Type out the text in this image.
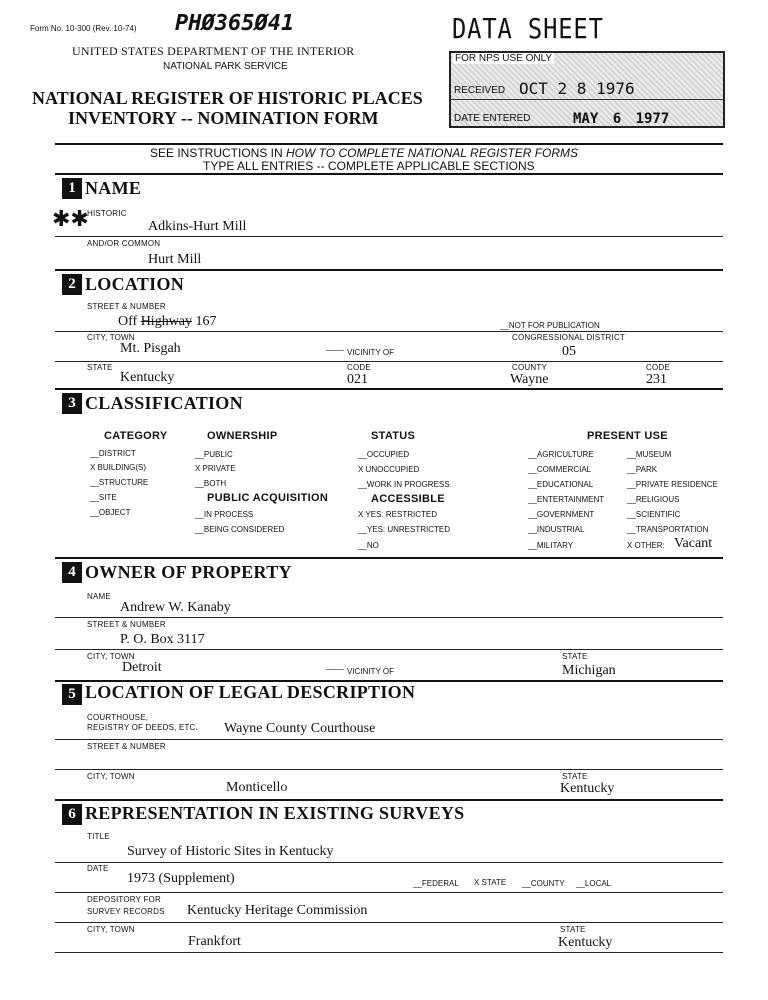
Form No. 10-300 (Rev. 10-74) PHØ365Ø41
UNITED STATES DEPARTMENT OF THE INTERIOR
NATIONAL PARK SERVICE
NATIONAL REGISTER OF HISTORIC PLACES
INVENTORY -- NOMINATION FORM
DATA SHEET
FOR NPS USE ONLY
RECEIVED OCT 2 8 1976
DATE ENTERED	MAY 6 1977
SEE INSTRUCTIONS IN HOW TO COMPLETE NATIONAL REGISTER FORMS
TYPE ALL ENTRIES -- COMPLETE APPLICABLE SECTIONS
1 NAME
✱✱
HISTORIC
Adkins-Hurt Mill
AND/OR COMMON
Hurt Mill
2 LOCATION
STREET & NUMBER
Off Highway 167	__NOT FOR PUBLICATION
CITY, TOWN
Mt. Pisgah	____
VICINITY OF
CONGRESSIONAL DISTRICT
05
STATE
Kentucky
CODE
021
COUNTY
Wayne
CODE
231
3 CLASSIFICATION
CATEGORY	OWNERSHIP	STATUS	PRESENT USE
__DISTRICT
X BUILDING(S)
__STRUCTURE
__SITE
__OBJECT
__PUBLIC
X PRIVATE
__BOTH
PUBLIC ACQUISITION
__IN PROCESS
__BEING CONSIDERED
__OCCUPIED
X UNOCCUPIED
__WORK IN PROGRESS
ACCESSIBLE
X YES: RESTRICTED
__YES: UNRESTRICTED
__NO
__AGRICULTURE
__COMMERCIAL
__EDUCATIONAL
__ENTERTAINMENT
__GOVERNMENT
__INDUSTRIAL
__MILITARY
__MUSEUM
__PARK
__PRIVATE RESIDENCE
__RELIGIOUS
__SCIENTIFIC
__TRANSPORTATION
X OTHER: Vacant
4 OWNER OF PROPERTY
NAME
Andrew W. Kanaby
STREET & NUMBER
P. O. Box 3117
CITY, TOWN
Detroit	____
VICINITY OF
STATE
Michigan
5 LOCATION OF LEGAL DESCRIPTION
COURTHOUSE,
REGISTRY OF DEEDS, ETC. Wayne County Courthouse
STREET & NUMBER
CITY, TOWN
Monticello
STATE
Kentucky
6 REPRESENTATION IN EXISTING SURVEYS
TITLE
Survey of Historic Sites in Kentucky
DATE
1973 (Supplement)	__FEDERAL X STATE __COUNTY __LOCAL
DEPOSITORY FOR
SURVEY RECORDS Kentucky Heritage Commission
CITY, TOWN
Frankfort
STATE
Kentucky
